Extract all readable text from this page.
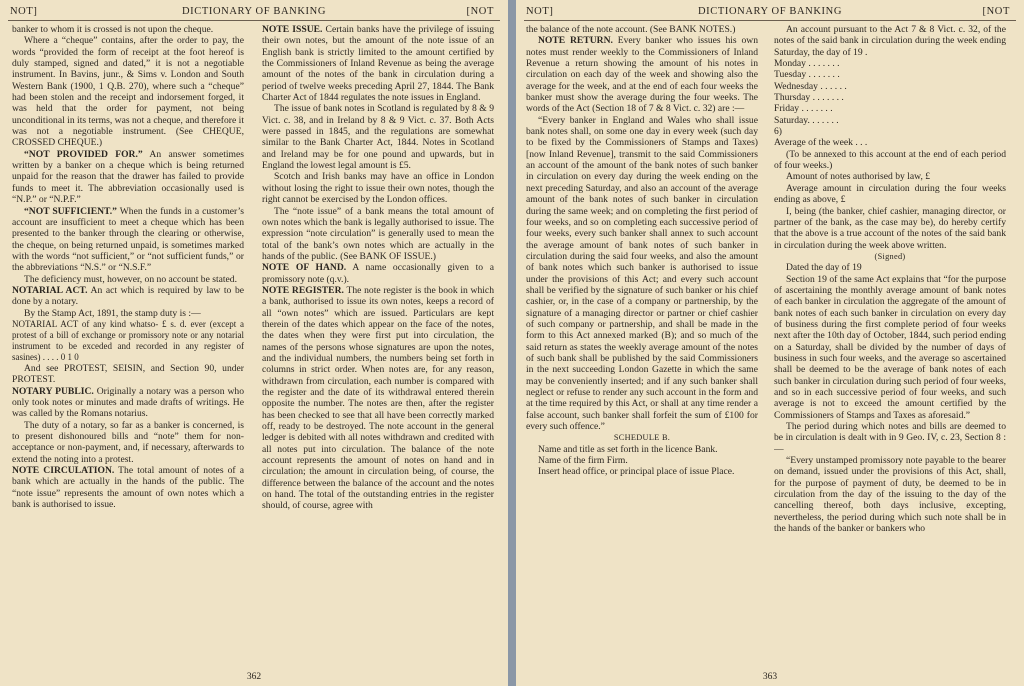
NOT]	DICTIONARY OF BANKING	[NOT

banker to whom it is crossed is not upon the cheque.

Where a “cheque” contains, after the order to pay, the words “provided the form of receipt at the foot hereof is duly stamped, signed and dated,” it is not a negotiable instrument. In Bavins, junr., & Sims v. London and South Western Bank (1900, 1 Q.B. 270), where such a “cheque” had been stolen and the receipt and indorsement forged, it was held that the order for payment, not being unconditional in its terms, was not a cheque, and therefore it was not a negotiable instrument. (See CHEQUE, CROSSED CHEQUE.)

“NOT PROVIDED FOR.” An answer sometimes written by a banker on a cheque which is being returned unpaid for the reason that the drawer has failed to provide funds to meet it. The abbreviation occasionally used is “N.P.” or “N.P.F.”

“NOT SUFFICIENT.” When the funds in a customer’s account are insufficient to meet a cheque which has been presented to the banker through the clearing or otherwise, the cheque, on being returned unpaid, is sometimes marked with the words “not sufficient,” or “not sufficient funds,” or the abbreviations “N.S.” or “N.S.F.”

The deficiency must, however, on no account be stated.

NOTARIAL ACT. An act which is required by law to be done by a notary.

By the Stamp Act, 1891, the stamp duty is :—

NOTARIAL ACT of any kind whatso- £ s. d. ever (except a protest of a bill of exchange or promissory note or any notarial instrument to be exceded and recorded in any register of sasines) . . . . 0 1 0

And see PROTEST, SEISIN, and Section 90, under PROTEST.

NOTARY PUBLIC. Originally a notary was a person who only took notes or minutes and made drafts of writings. He was called by the Romans notarius.

The duty of a notary, so far as a banker is concerned, is to present dishonoured bills and “note” them for non-acceptance or non-payment, and, if necessary, afterwards to extend the noting into a protest.

NOTE CIRCULATION. The total amount of notes of a bank which are actually in the hands of the public. The “note issue” represents the amount of own notes which a bank is authorised to issue.

NOTE ISSUE. Certain banks have the privilege of issuing their own notes, but the amount of the note issue of an English bank is strictly limited to the amount certified by the Commissioners of Inland Revenue as being the average amount of the notes of the bank in circulation during a period of twelve weeks preceding April 27, 1844. The Bank Charter Act of 1844 regulates the note issues in England.

The issue of bank notes in Scotland is regulated by 8 & 9 Vict. c. 38, and in Ireland by 8 & 9 Vict. c. 37. Both Acts were passed in 1845, and the regulations are somewhat similar to the Bank Charter Act, 1844. Notes in Scotland and Ireland may be for one pound and upwards, but in England the lowest legal amount is £5.

Scotch and Irish banks may have an office in London without losing the right to issue their own notes, though the right cannot be exercised by the London offices.

The “note issue” of a bank means the total amount of own notes which the bank is legally authorised to issue. The expression “note circulation” is generally used to mean the total of the bank’s own notes which are actually in the hands of the public. (See BANK OF ISSUE.)

NOTE OF HAND. A name occasionally given to a promissory note (q.v.).

NOTE REGISTER. The note register is the book in which a bank, authorised to issue its own notes, keeps a record of all “own notes” which are issued. Particulars are kept therein of the dates which appear on the face of the notes, the dates when they were first put into circulation, the names of the persons whose signatures are upon the notes, and the individual numbers, the numbers being set forth in columns in strict order. When notes are, for any reason, withdrawn from circulation, each number is compared with the register and the date of its withdrawal entered therein opposite the number. The notes are then, after the register has been checked to see that all have been correctly marked off, ready to be destroyed. The note account in the general ledger is debited with all notes withdrawn and credited with all notes put into circulation. The balance of the note account represents the amount of notes on hand and in circulation; the amount in circulation being, of course, the difference between the balance of the account and the notes on hand. The total of the outstanding entries in the register should, of course, agree with

362
NOT]	DICTIONARY OF BANKING	[NOT

the balance of the note account. (See BANK NOTES.)

NOTE RETURN. Every banker who issues his own notes must render weekly to the Commissioners of Inland Revenue a return showing the amount of his notes in circulation on each day of the week and showing also the average for the week, and at the end of each four weeks the banker must show the average during the four weeks. The words of the Act (Section 18 of 7 & 8 Vict. c. 32) are :—

“Every banker in England and Wales who shall issue bank notes shall, on some one day in every week (such day to be fixed by the Commissioners of Stamps and Taxes) [now Inland Revenue], transmit to the said Commissioners an account of the amount of the bank notes of such banker in circulation on every day during the week ending on the next preceding Saturday, and also an account of the average amount of the bank notes of such banker in circulation during the same week; and on completing the first period of four weeks, and so on completing each successive period of four weeks, every such banker shall annex to such account the average amount of bank notes of such banker in circulation during the said four weeks, and also the amount of bank notes which such banker is authorised to issue under the provisions of this Act; and every such account shall be verified by the signature of such banker or his chief cashier, or, in the case of a company or partnership, by the signature of a managing director or partner or chief cashier of such company or partnership, and shall be made in the form to this Act annexed marked (B); and so much of the said return as states the weekly average amount of the notes of such bank shall be published by the said Commissioners in the next succeeding London Gazette in which the same may be conveniently inserted; and if any such banker shall neglect or refuse to render any such account in the form and at the time required by this Act, or shall at any time render a false account, such banker shall forfeit the sum of £100 for every such offence.”

SCHEDULE B.

Name and title as set forth in the licence Bank.

Name of the firm Firm.

Insert head office, or principal place of issue Place.

An account pursuant to the Act 7 & 8 Vict. c. 32, of the notes of the said bank in circulation during the week ending Saturday, the day of 19 .

Monday . . . . . . .

Tuesday . . . . . . .

Wednesday . . . . . .

Thursday . . . . . . .

Friday . . . . . . .

Saturday. . . . . . .

6)

Average of the week . . .

(To be annexed to this account at the end of each period of four weeks.)

Amount of notes authorised by law, £

Average amount in circulation during the four weeks ending as above, £

I, being (the banker, chief cashier, managing director, or partner of the bank, as the case may be), do hereby certify that the above is a true account of the notes of the said bank in circulation during the week above written.

(Signed)

Dated the day of 19

Section 19 of the same Act explains that “for the purpose of ascertaining the monthly average amount of bank notes of each banker in circulation the aggregate of the amount of bank notes of each such banker in circulation on every day of business during the first complete period of four weeks next after the 10th day of October, 1844, such period ending on a Saturday, shall be divided by the number of days of business in such four weeks, and the average so ascertained shall be deemed to be the average of bank notes of each such banker in circulation during such period of four weeks, and so in each successive period of four weeks, and such average is not to exceed the amount certified by the Commissioners of Stamps and Taxes as aforesaid.”

The period during which notes and bills are deemed to be in circulation is dealt with in 9 Geo. IV, c. 23, Section 8 :—

“Every unstamped promissory note payable to the bearer on demand, issued under the provisions of this Act, shall, for the purpose of payment of duty, be deemed to be in circulation from the day of the issuing to the day of the cancelling thereof, both days inclusive, excepting, nevertheless, the period during which such note shall be in the hands of the banker or bankers who

363
